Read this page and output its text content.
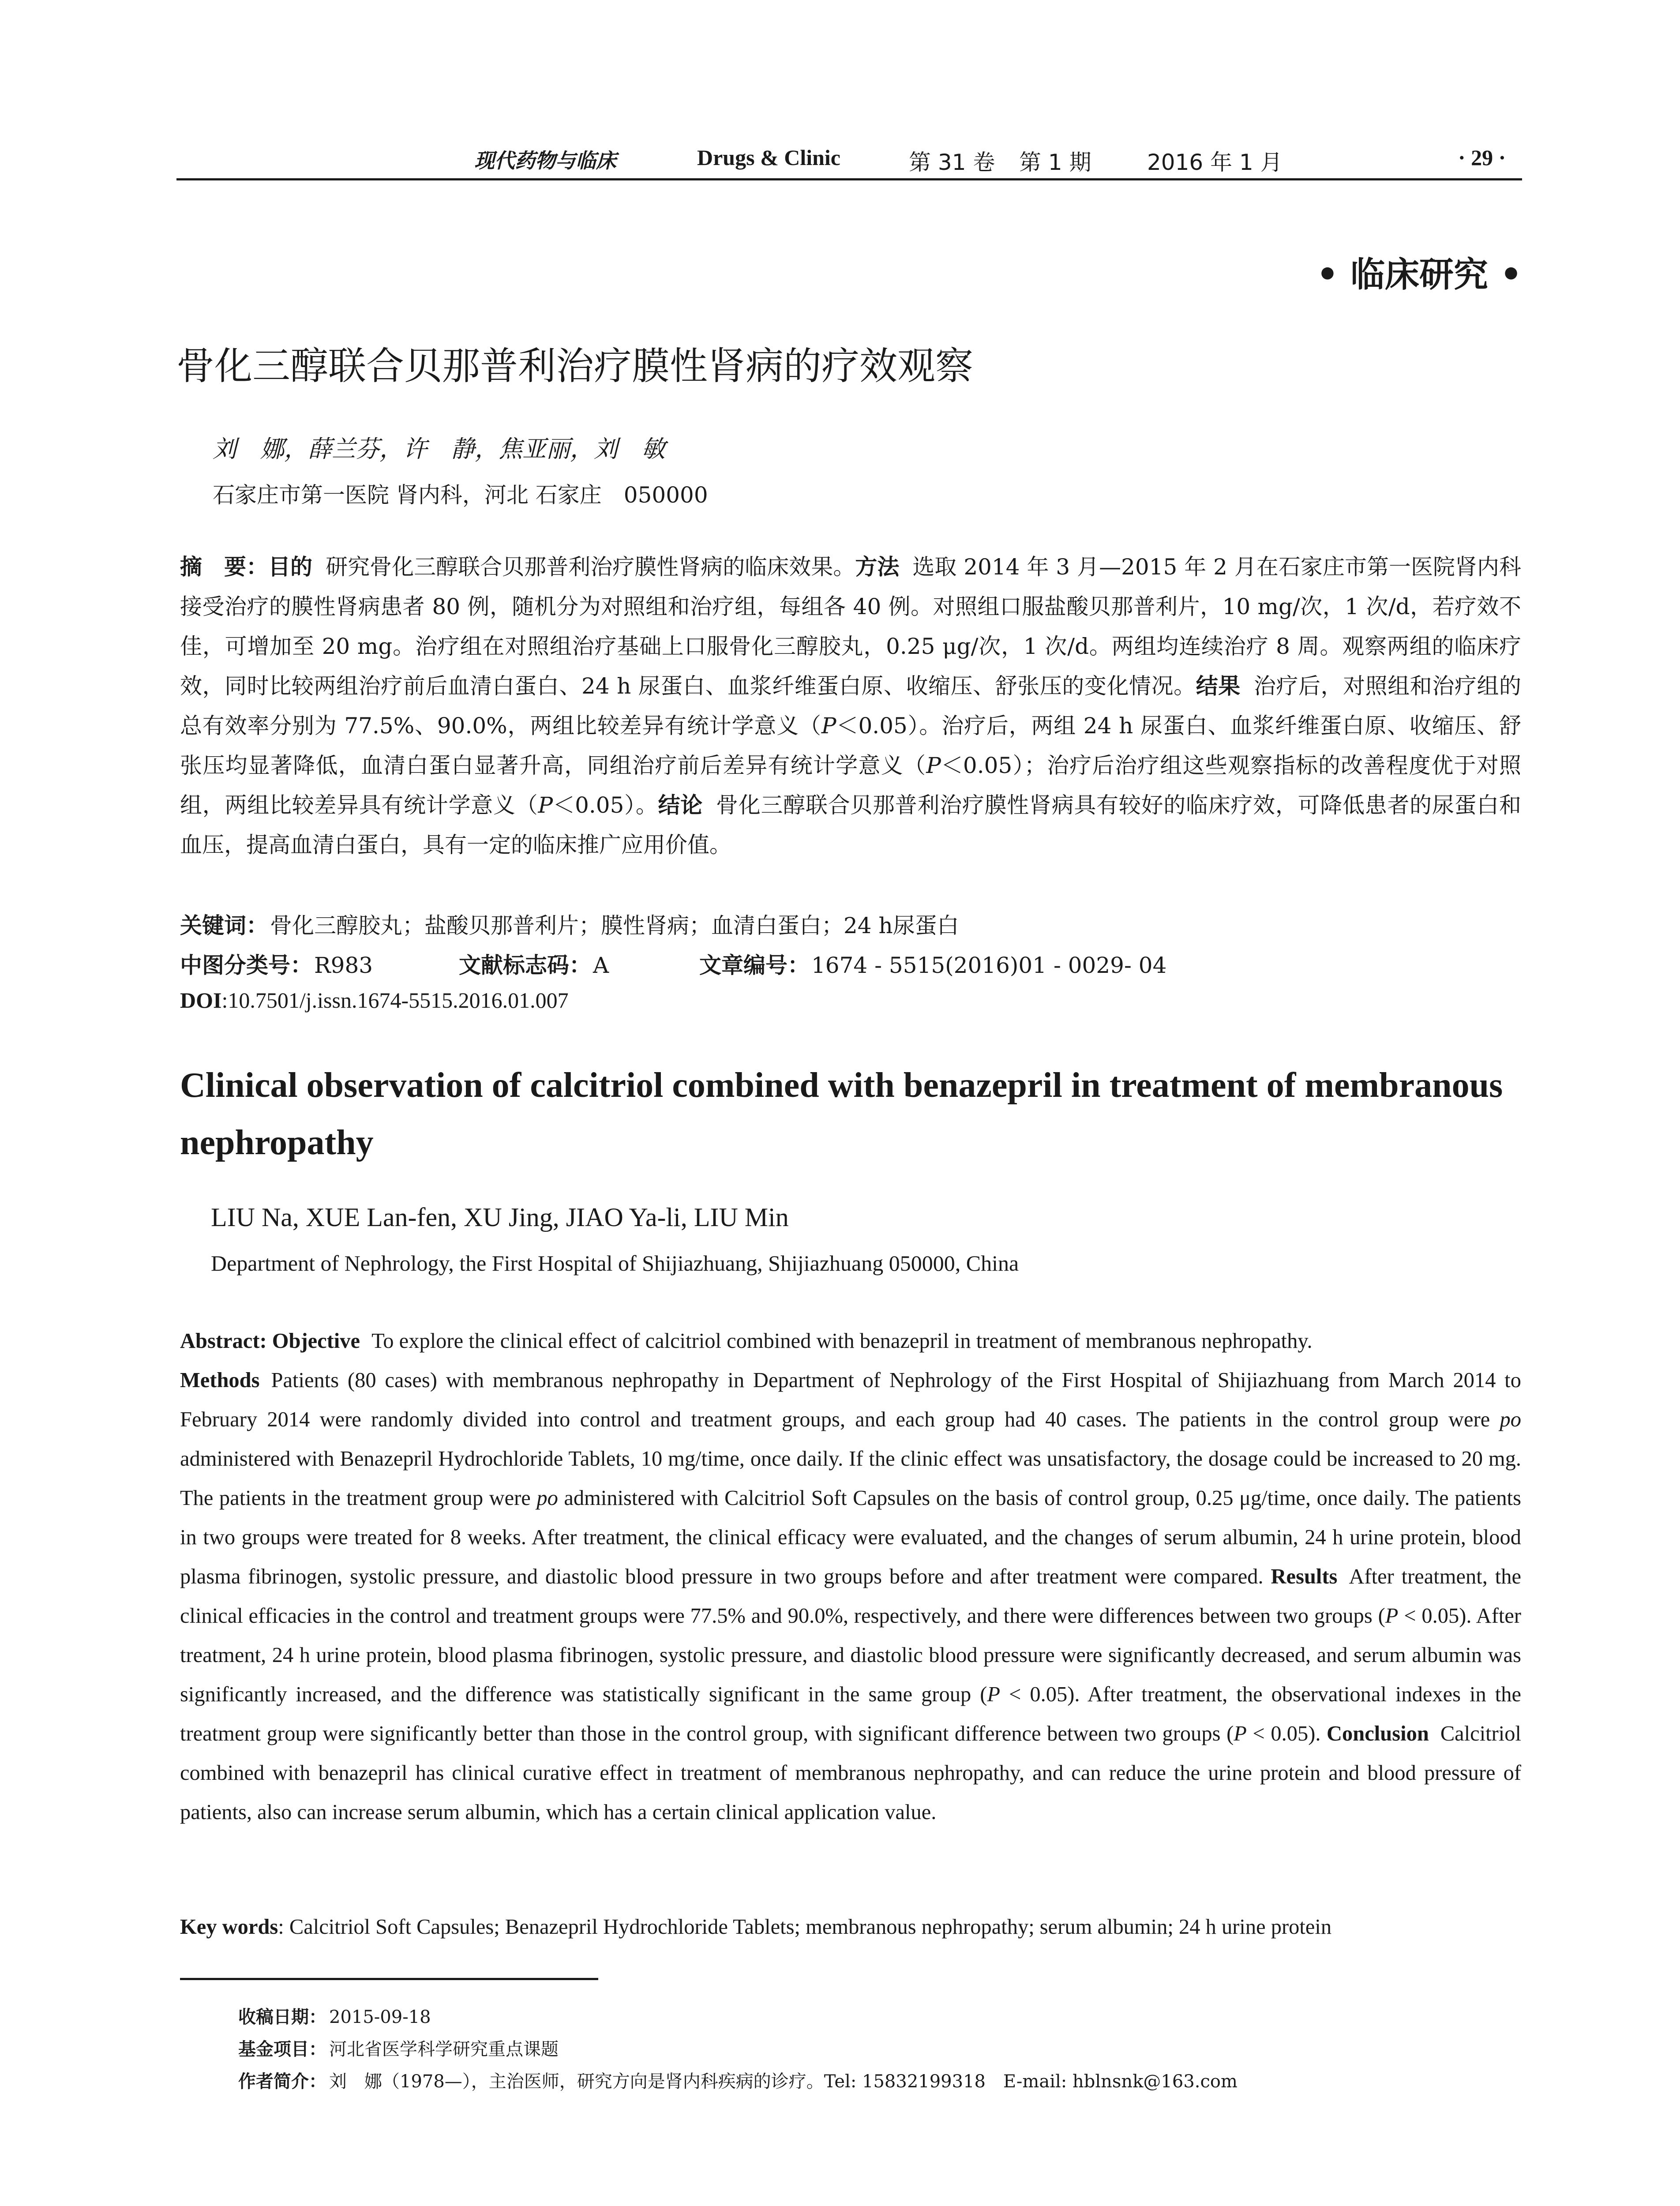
现代药物与临床	Drugs & Clinic	第 31 卷 第 1 期	2016 年 1 月	· 29 ·
• 临床研究 •
骨化三醇联合贝那普利治疗膜性肾病的疗效观察
刘　娜，薛兰芬，许　静，焦亚丽，刘　敏
石家庄市第一医院 肾内科，河北 石家庄　050000
摘　要：目的 研究骨化三醇联合贝那普利治疗膜性肾病的临床效果。方法 选取 2014 年 3 月—2015 年 2 月在石家庄市第一医院肾内科接受治疗的膜性肾病患者 80 例，随机分为对照组和治疗组，每组各 40 例。对照组口服盐酸贝那普利片，10 mg/次，1 次/d，若疗效不佳，可增加至 20 mg。治疗组在对照组治疗基础上口服骨化三醇胶丸，0.25 μg/次，1 次/d。两组均连续治疗 8 周。观察两组的临床疗效，同时比较两组治疗前后血清白蛋白、24 h 尿蛋白、血浆纤维蛋白原、收缩压、舒张压的变化情况。结果 治疗后，对照组和治疗组的总有效率分别为 77.5%、90.0%，两组比较差异有统计学意义（P＜0.05）。治疗后，两组 24 h 尿蛋白、血浆纤维蛋白原、收缩压、舒张压均显著降低，血清白蛋白显著升高，同组治疗前后差异有统计学意义（P＜0.05）；治疗后治疗组这些观察指标的改善程度优于对照组，两组比较差异具有统计学意义（P＜0.05）。结论 骨化三醇联合贝那普利治疗膜性肾病具有较好的临床疗效，可降低患者的尿蛋白和血压，提高血清白蛋白，具有一定的临床推广应用价值。
关键词：骨化三醇胶丸；盐酸贝那普利片；膜性肾病；血清白蛋白；24 h尿蛋白
中图分类号：R983	文献标志码：A	文章编号：1674 - 5515(2016)01 - 0029- 04
DOI:10.7501/j.issn.1674-5515.2016.01.007
Clinical observation of calcitriol combined with benazepril in treatment of membranous nephropathy
LIU Na, XUE Lan-fen, XU Jing, JIAO Ya-li, LIU Min
Department of Nephrology, the First Hospital of Shijiazhuang, Shijiazhuang 050000, China
Abstract: Objective To explore the clinical effect of calcitriol combined with benazepril in treatment of membranous nephropathy.
Methods Patients (80 cases) with membranous nephropathy in Department of Nephrology of the First Hospital of Shijiazhuang from March 2014 to February 2014 were randomly divided into control and treatment groups, and each group had 40 cases. The patients in the control group were po administered with Benazepril Hydrochloride Tablets, 10 mg/time, once daily. If the clinic effect was unsatisfactory, the dosage could be increased to 20 mg. The patients in the treatment group were po administered with Calcitriol Soft Capsules on the basis of control group, 0.25 μg/time, once daily. The patients in two groups were treated for 8 weeks. After treatment, the clinical efficacy were evaluated, and the changes of serum albumin, 24 h urine protein, blood plasma fibrinogen, systolic pressure, and diastolic blood pressure in two groups before and after treatment were compared. Results After treatment, the clinical efficacies in the control and treatment groups were 77.5% and 90.0%, respectively, and there were differences between two groups (P < 0.05). After treatment, 24 h urine protein, blood plasma fibrinogen, systolic pressure, and diastolic blood pressure were significantly decreased, and serum albumin was significantly increased, and the difference was statistically significant in the same group (P < 0.05). After treatment, the observational indexes in the treatment group were significantly better than those in the control group, with significant difference between two groups (P < 0.05). Conclusion Calcitriol combined with benazepril has clinical curative effect in treatment of membranous nephropathy, and can reduce the urine protein and blood pressure of patients, also can increase serum albumin, which has a certain clinical application value.
Key words: Calcitriol Soft Capsules; Benazepril Hydrochloride Tablets; membranous nephropathy; serum albumin; 24 h urine protein
收稿日期： 2015-09-18
基金项目： 河北省医学科学研究重点课题
作者简介： 刘　娜（1978—），主治医师，研究方向是肾内科疾病的诊疗。Tel: 15832199318　E-mail: hblnsnk@163.com
